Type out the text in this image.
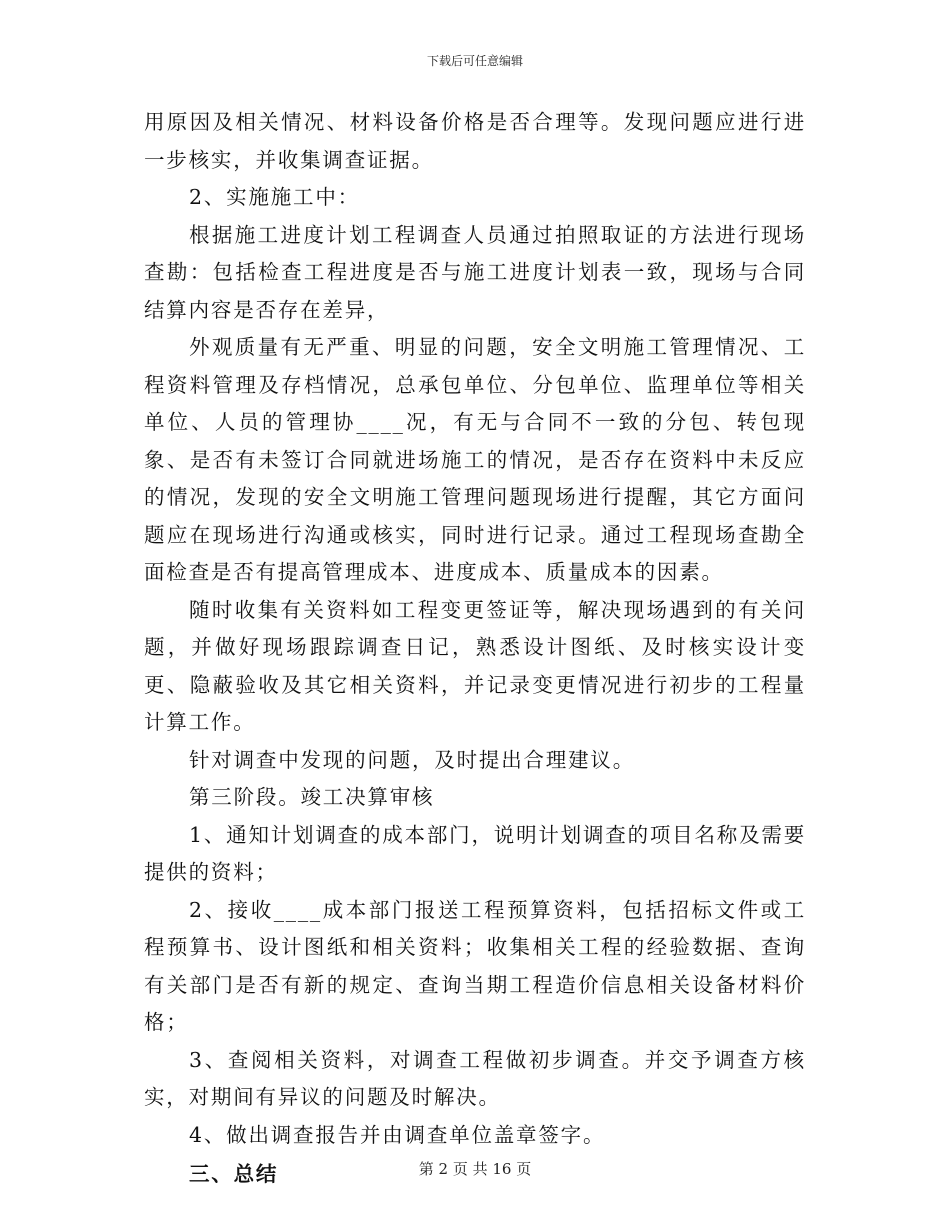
下载后可任意编辑

用原因及相关情况、材料设备价格是否合理等。发现问题应进行进一步核实，并收集调查证据。

2、实施施工中：

根据施工进度计划工程调查人员通过拍照取证的方法进行现场查勘：包括检查工程进度是否与施工进度计划表一致，现场与合同结算内容是否存在差异，

外观质量有无严重、明显的问题，安全文明施工管理情况、工程资料管理及存档情况，总承包单位、分包单位、监理单位等相关单位、人员的管理协____况，有无与合同不一致的分包、转包现象、是否有未签订合同就进场施工的情况，是否存在资料中未反应的情况，发现的安全文明施工管理问题现场进行提醒，其它方面问题应在现场进行沟通或核实，同时进行记录。通过工程现场查勘全面检查是否有提高管理成本、进度成本、质量成本的因素。

随时收集有关资料如工程变更签证等，解决现场遇到的有关问题，并做好现场跟踪调查日记，熟悉设计图纸、及时核实设计变更、隐蔽验收及其它相关资料，并记录变更情况进行初步的工程量计算工作。

针对调查中发现的问题，及时提出合理建议。

第三阶段。竣工决算审核

1、通知计划调查的成本部门，说明计划调查的项目名称及需要提供的资料；

2、接收____成本部门报送工程预算资料，包括招标文件或工程预算书、设计图纸和相关资料；收集相关工程的经验数据、查询有关部门是否有新的规定、查询当期工程造价信息相关设备材料价格；

3、查阅相关资料，对调查工程做初步调查。并交予调查方核实，对期间有异议的问题及时解决。

4、做出调查报告并由调查单位盖章签字。

三、总结	第 2 页 共 16 页
